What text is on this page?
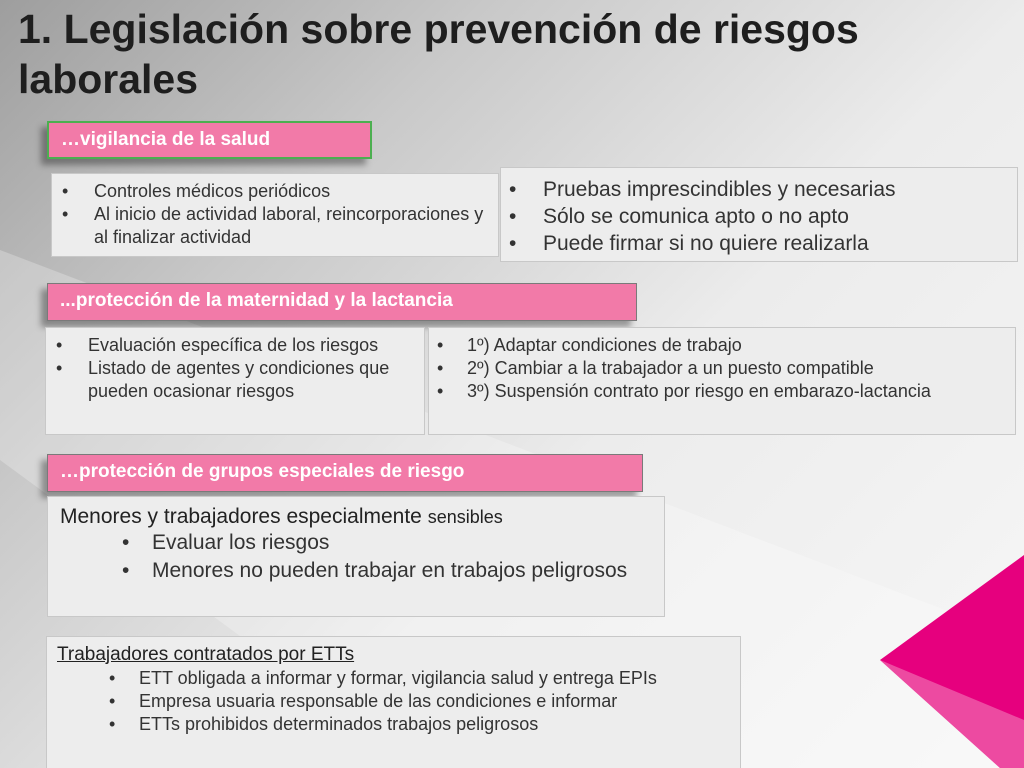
1. Legislación sobre prevención de riesgos laborales
…vigilancia de la salud
• Controles médicos periódicos
• Al inicio de actividad laboral, reincorporaciones y al finalizar actividad
• Pruebas imprescindibles y necesarias
• Sólo se comunica apto o no apto
• Puede firmar si no quiere realizarla
...protección de la maternidad y la lactancia
• Evaluación específica de los riesgos
• Listado de agentes y condiciones que pueden ocasionar riesgos
• 1º) Adaptar condiciones de trabajo
• 2º) Cambiar a la trabajador a un puesto compatible
• 3º) Suspensión contrato por riesgo en embarazo-lactancia
…protección de grupos especiales de riesgo
Menores y trabajadores especialmente sensibles
• Evaluar los riesgos
• Menores no pueden trabajar en trabajos peligrosos
Trabajadores contratados por ETTs
• ETT obligada a informar y formar, vigilancia salud y entrega EPIs
• Empresa usuaria responsable de las condiciones e informar
• ETTs prohibidos determinados trabajos peligrosos
